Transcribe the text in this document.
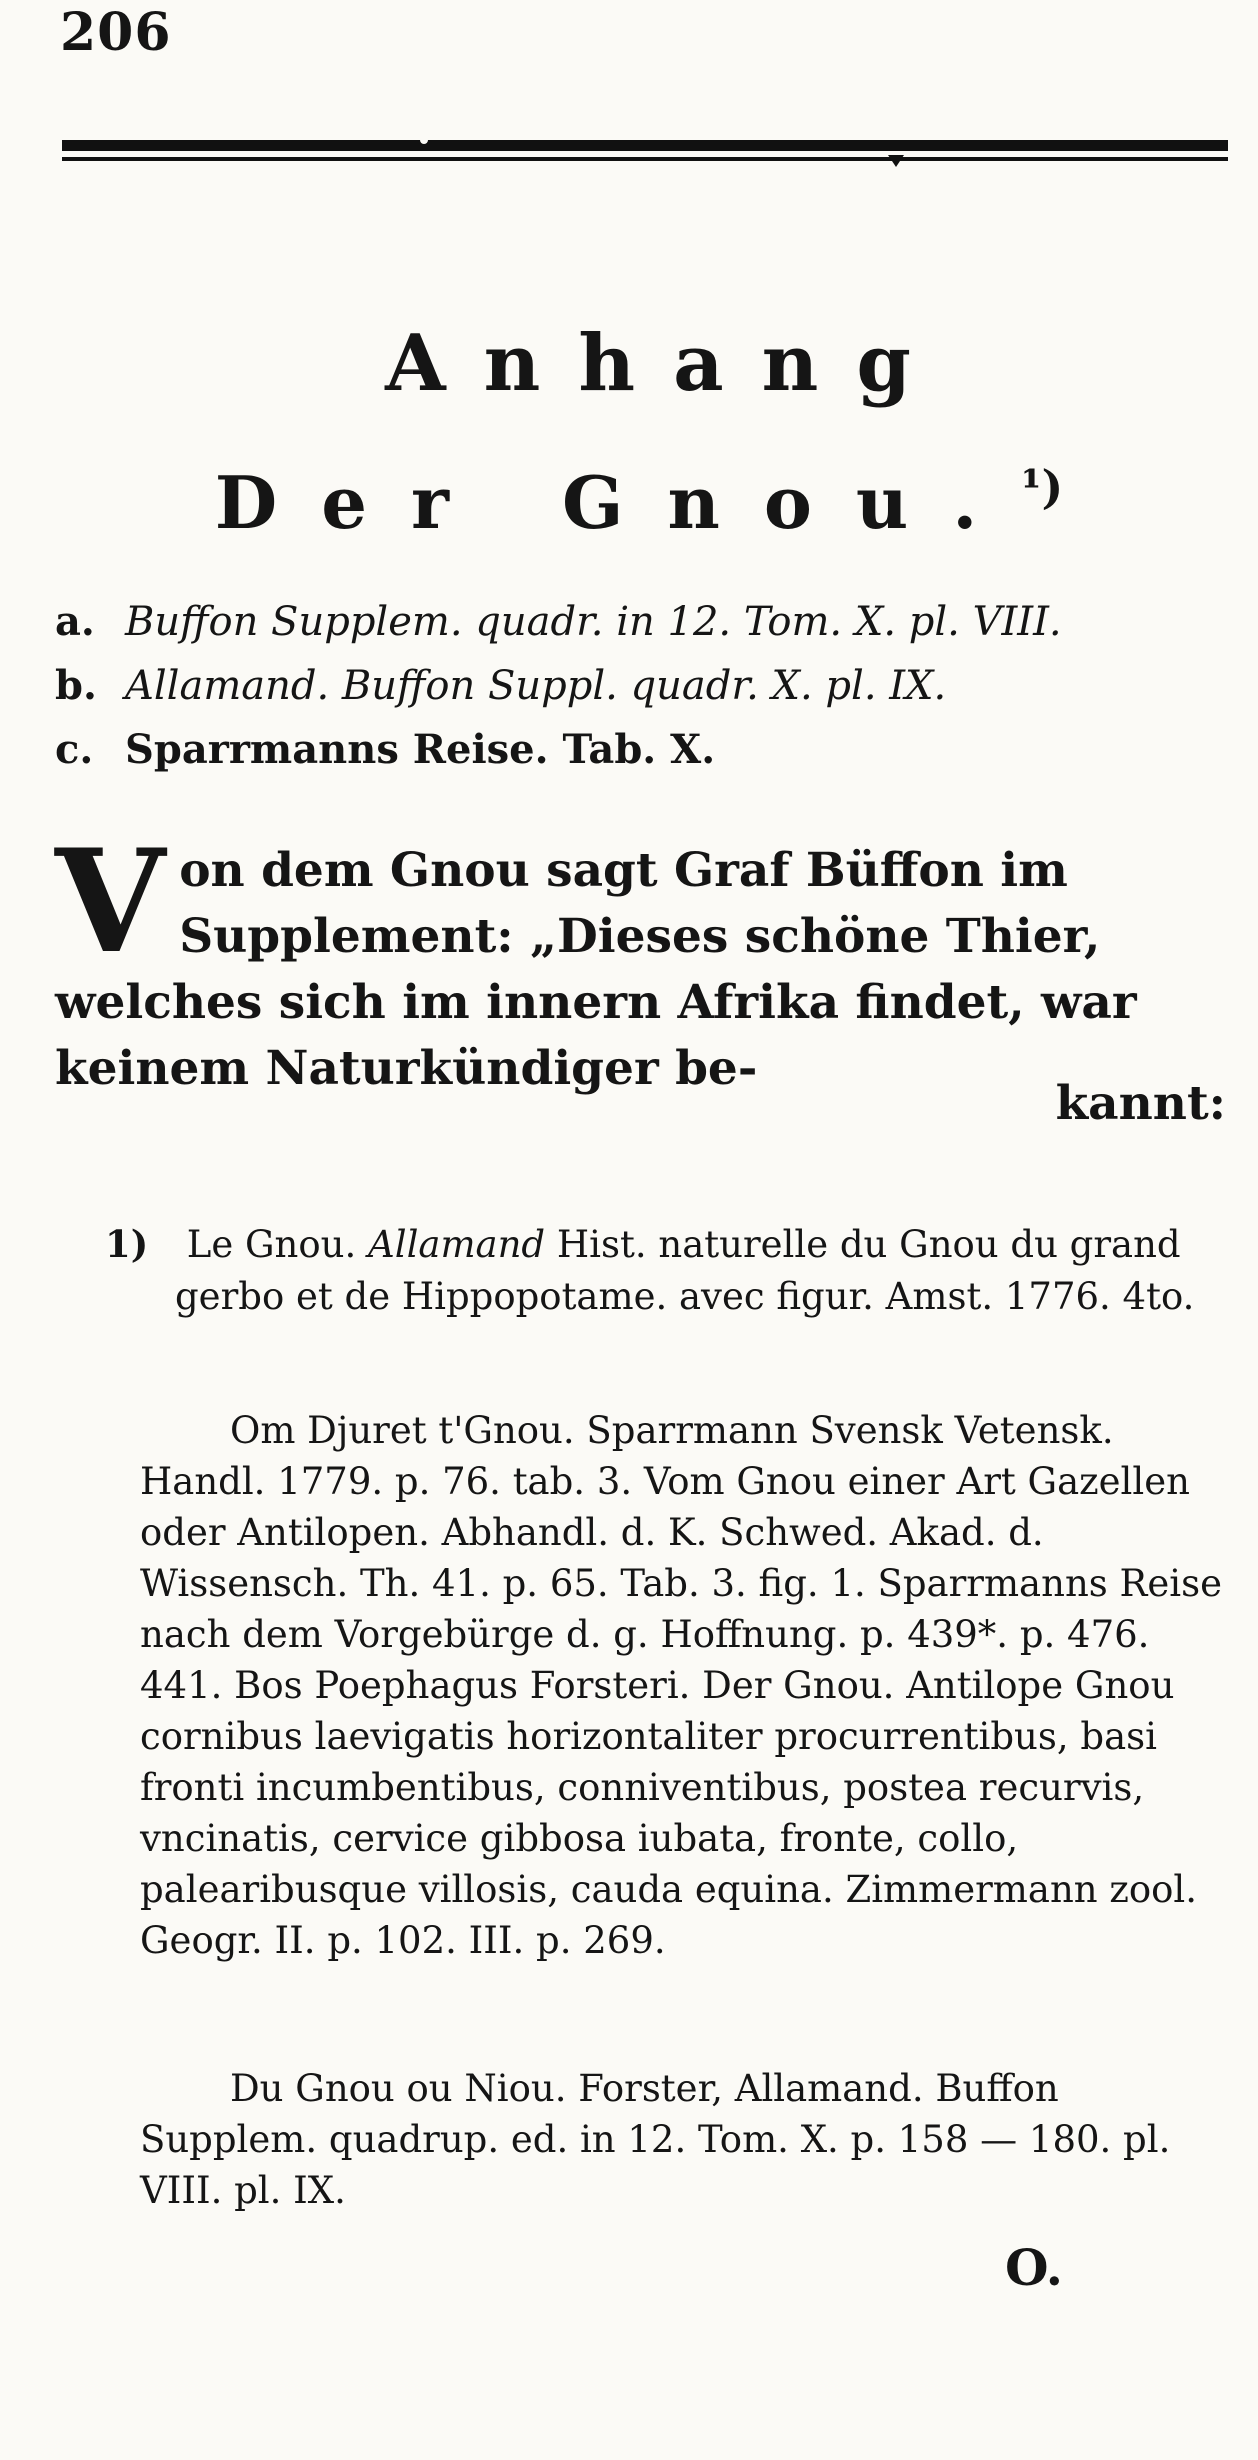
206
Anhang
Der Gnou.$^{^1)}$
a. Buffon Supplem. quadr. in 12. Tom. X. pl. VIII.
b. Allamand. Buffon Suppl. quadr. X. pl. IX.
c. Sparrmanns Reise. Tab. X.
Von dem Gnou sagt Graf Büffon im Supplement: „Dieses schöne Thier, welches sich im innern Afrika findet, war keinem Naturkündiger be-
kannt:
1) Le Gnou. Allamand Hist. naturelle du Gnou du grand gerbo et de Hippopotame. avec figur. Amst. 1776. 4to.
Om Djuret t'Gnou. Sparrmann Svensk Vetensk. Handl. 1779. p. 76. tab. 3. Vom Gnou einer Art Gazellen oder Antilopen. Abhandl. d. K. Schwed. Akad. d. Wissensch. Th. 41. p. 65. Tab. 3. fig. 1. Sparrmanns Reise nach dem Vorgebürge d. g. Hoffnung. p. 439*. p. 476. 441. Bos Poephagus Forsteri. Der Gnou. Antilope Gnou cornibus laevigatis horizontaliter procurrentibus, basi fronti incumbentibus, conniventibus, postea recurvis, vncinatis, cervice gibbosa iubata, fronte, collo, palearibusque villosis, cauda equina. Zimmermann zool. Geogr. II. p. 102. III. p. 269.
Du Gnou ou Niou. Forster, Allamand. Buffon Supplem. quadrup. ed. in 12. Tom. X. p. 158 — 180. pl. VIII. pl. IX.
O.
